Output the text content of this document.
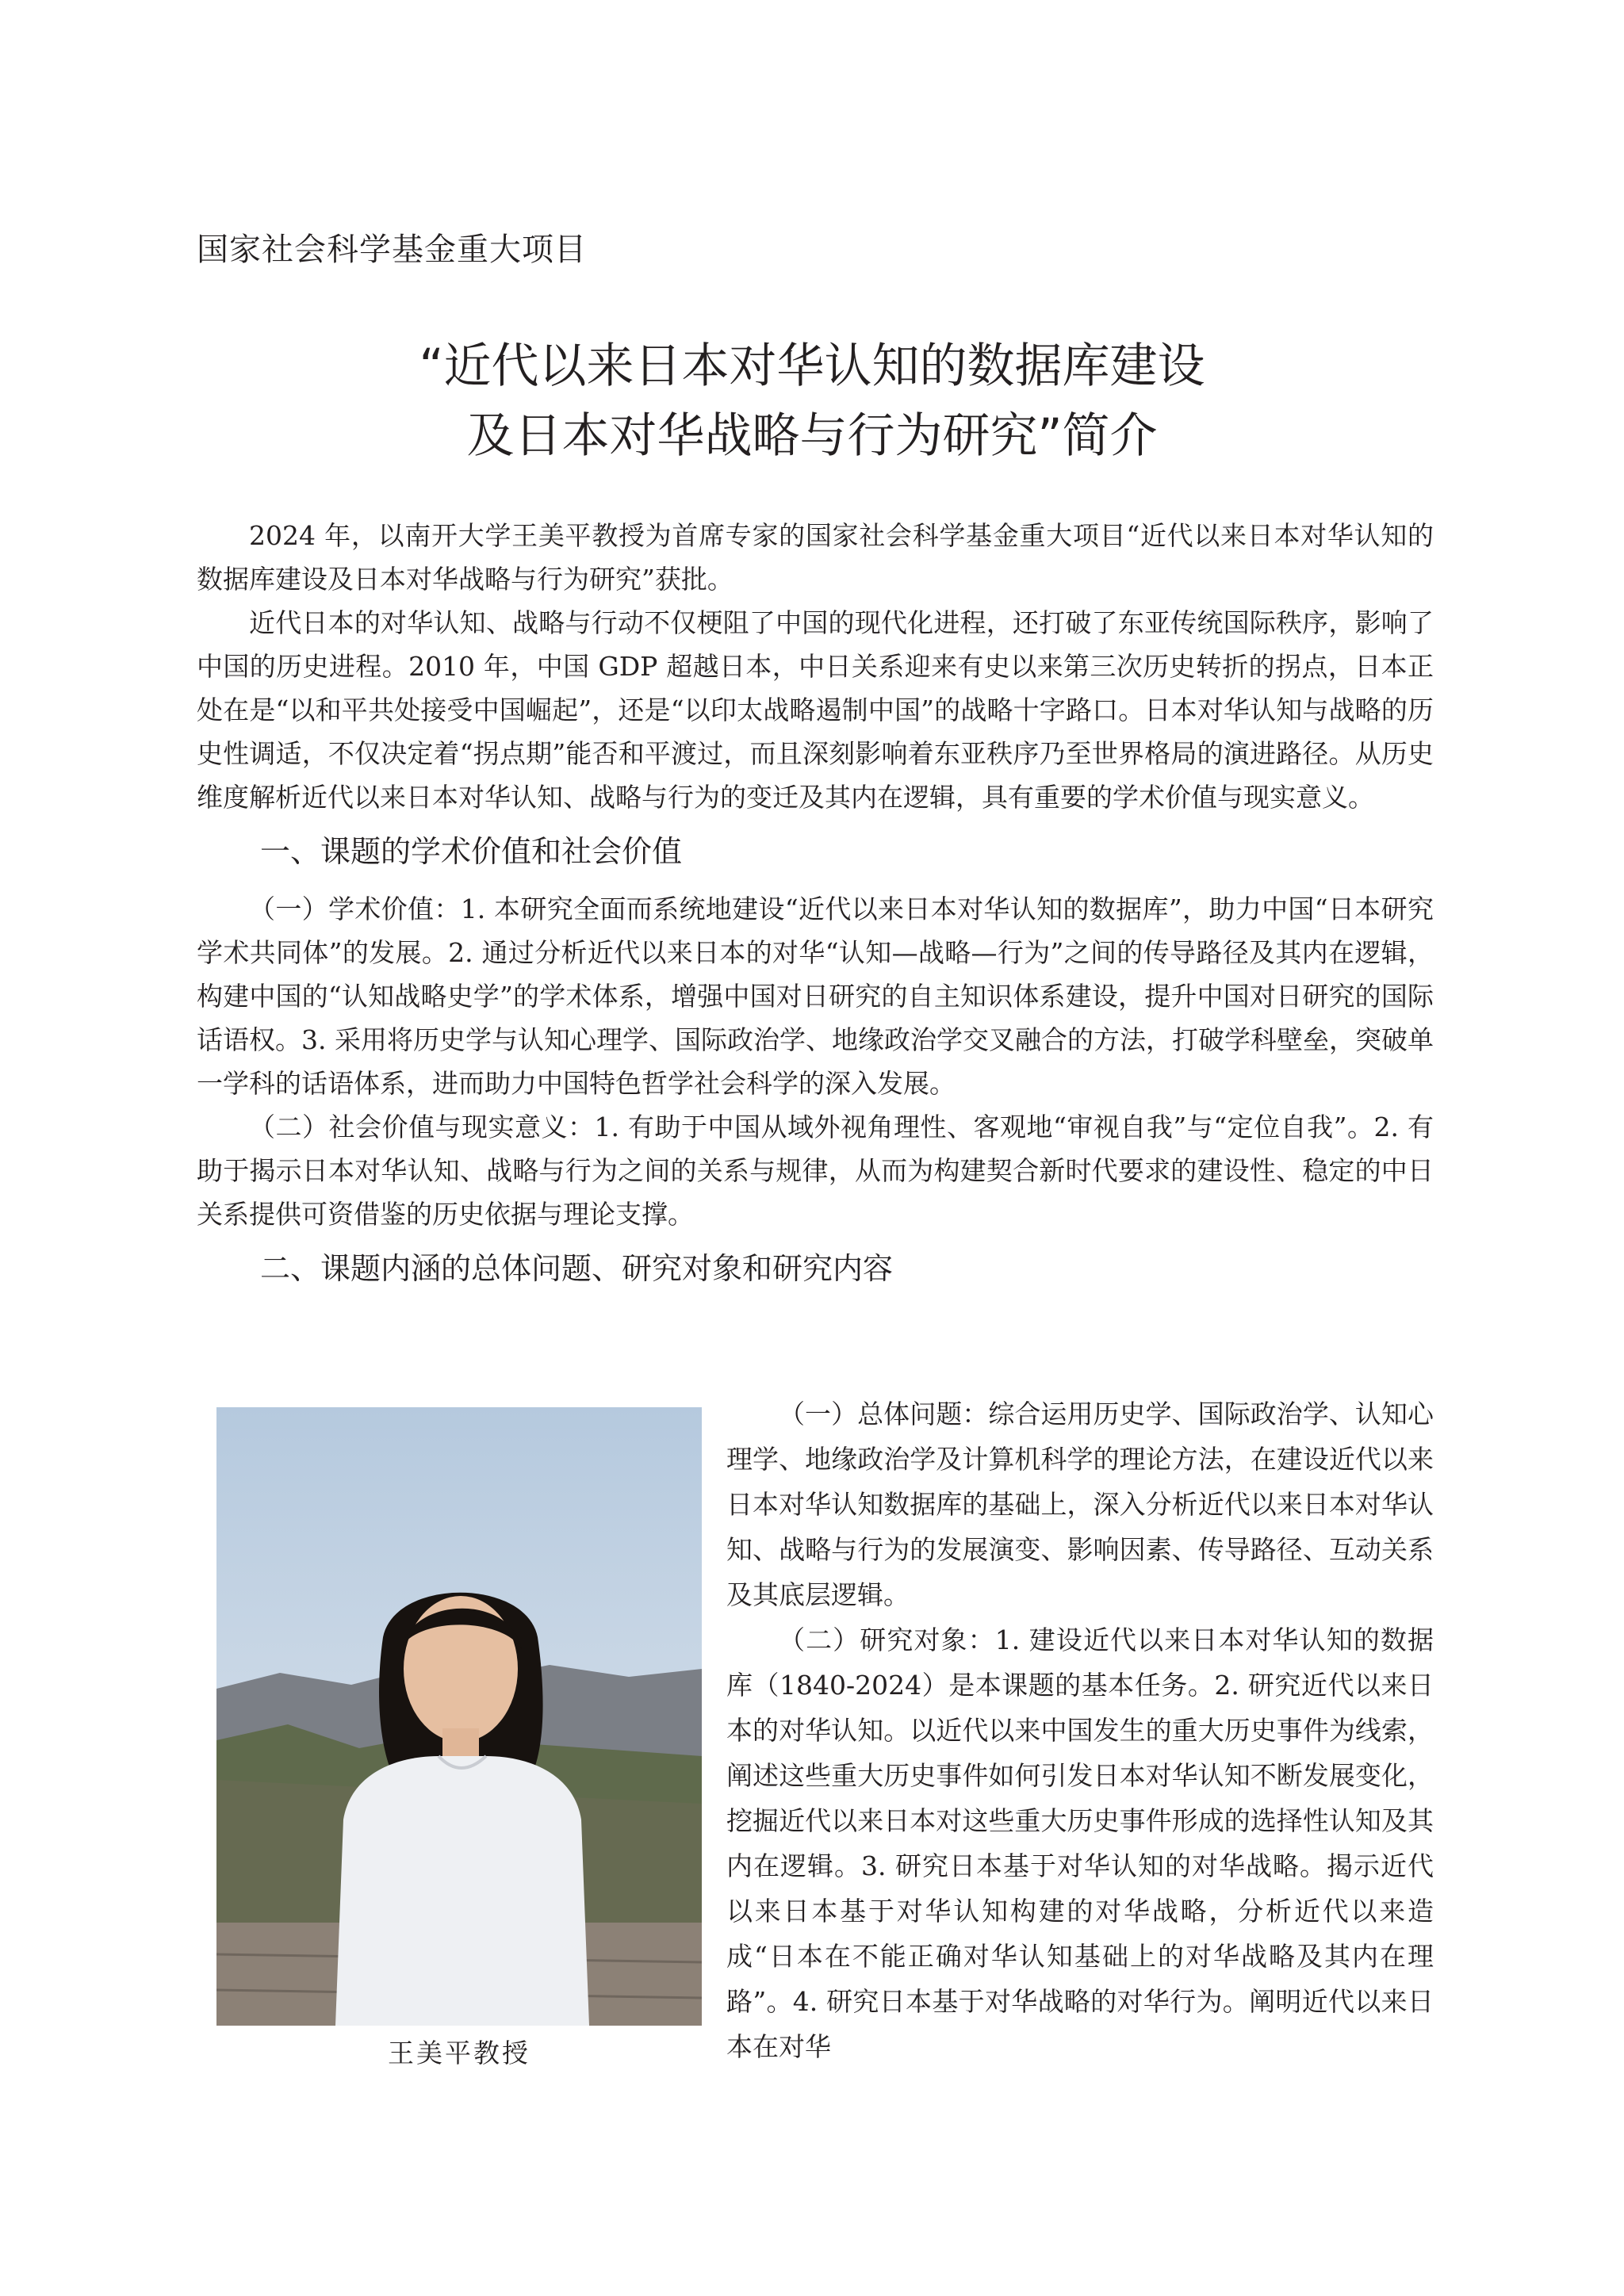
国家社会科学基金重大项目
“近代以来日本对华认知的数据库建设
及日本对华战略与行为研究”简介

2024 年，以南开大学王美平教授为首席专家的国家社会科学基金重大项目“近代以来日本对华认知的数据库建设及日本对华战略与行为研究”获批。

近代日本的对华认知、战略与行动不仅梗阻了中国的现代化进程，还打破了东亚传统国际秩序，影响了中国的历史进程。2010 年，中国 GDP 超越日本，中日关系迎来有史以来第三次历史转折的拐点，日本正处在是“以和平共处接受中国崛起”，还是“以印太战略遏制中国”的战略十字路口。日本对华认知与战略的历史性调适，不仅决定着“拐点期”能否和平渡过，而且深刻影响着东亚秩序乃至世界格局的演进路径。从历史维度解析近代以来日本对华认知、战略与行为的变迁及其内在逻辑，具有重要的学术价值与现实意义。

一、课题的学术价值和社会价值

（一）学术价值：1. 本研究全面而系统地建设“近代以来日本对华认知的数据库”，助力中国“日本研究学术共同体”的发展。2. 通过分析近代以来日本的对华“认知—战略—行为”之间的传导路径及其内在逻辑，构建中国的“认知战略史学”的学术体系，增强中国对日研究的自主知识体系建设，提升中国对日研究的国际话语权。3. 采用将历史学与认知心理学、国际政治学、地缘政治学交叉融合的方法，打破学科壁垒，突破单一学科的话语体系，进而助力中国特色哲学社会科学的深入发展。

（二）社会价值与现实意义：1. 有助于中国从域外视角理性、客观地“审视自我”与“定位自我”。2. 有助于揭示日本对华认知、战略与行为之间的关系与规律，从而为构建契合新时代要求的建设性、稳定的中日关系提供可资借鉴的历史依据与理论支撑。

二、课题内涵的总体问题、研究对象和研究内容
王美平教授

（一）总体问题：综合运用历史学、国际政治学、认知心理学、地缘政治学及计算机科学的理论方法，在建设近代以来日本对华认知数据库的基础上，深入分析近代以来日本对华认知、战略与行为的发展演变、影响因素、传导路径、互动关系及其底层逻辑。

（二）研究对象：1. 建设近代以来日本对华认知的数据库（1840-2024）是本课题的基本任务。2. 研究近代以来日本的对华认知。以近代以来中国发生的重大历史事件为线索，阐述这些重大历史事件如何引发日本对华认知不断发展变化，挖掘近代以来日本对这些重大历史事件形成的选择性认知及其内在逻辑。3. 研究日本基于对华认知的对华战略。揭示近代以来日本基于对华认知构建的对华战略，分析近代以来造成“日本在不能正确对华认知基础上的对华战略及其内在理路”。4. 研究日本基于对华战略的对华行为。阐明近代以来日本在对华
